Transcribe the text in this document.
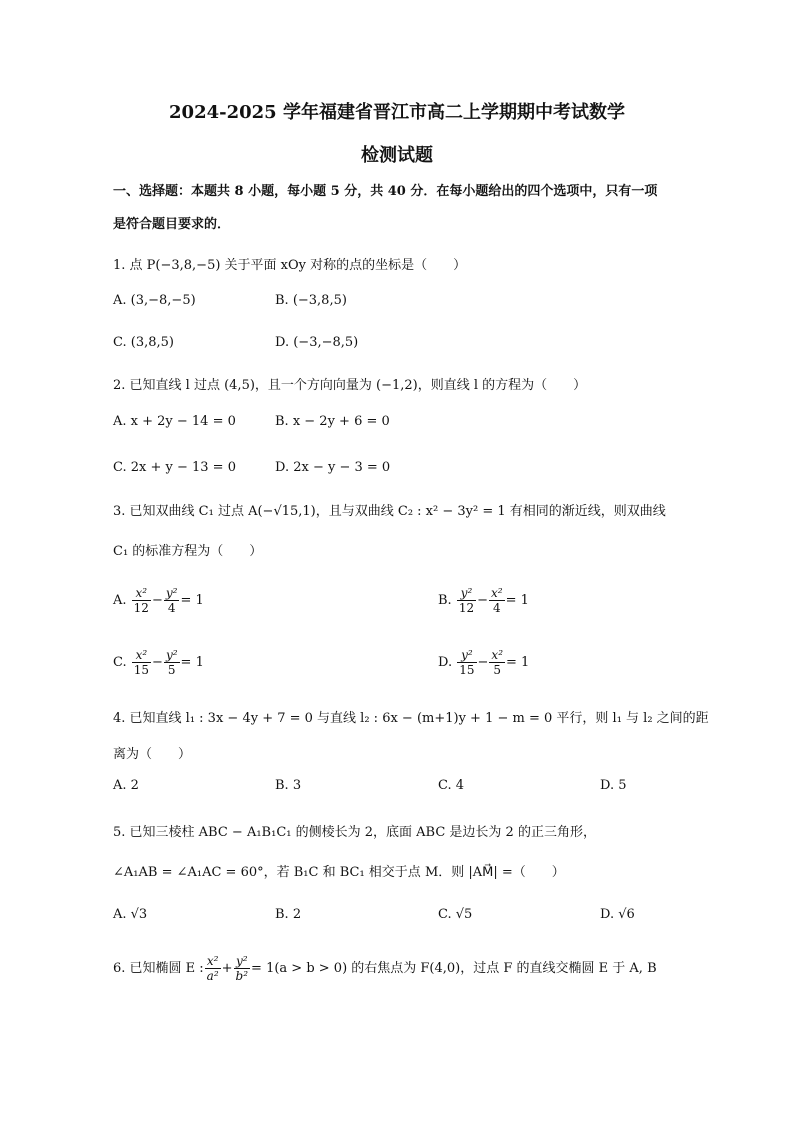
2024-2025 学年福建省晋江市高二上学期期中考试数学
检测试题
一、选择题：本题共 8 小题，每小题 5 分，共 40 分．在每小题给出的四个选项中，只有一项
是符合题目要求的．
1. 点 P(−3,8,−5) 关于平面 xOy 对称的点的坐标是（　　）
A. (3,−8,−5)	B. (−3,8,5)
C. (3,8,5)	D. (−3,−8,5)
2. 已知直线 l 过点 (4,5)，且一个方向向量为 (−1,2)，则直线 l 的方程为（　　）
A. x + 2y − 14 = 0	B. x − 2y + 6 = 0
C. 2x + y − 13 = 0	D. 2x − y − 3 = 0
3. 已知双曲线 C₁ 过点 A(−√15,1)，且与双曲线 C₂ : x² − 3y² = 1 有相同的渐近线，则双曲线
C₁ 的标准方程为（　　）
A. $\frac{\text{x²}}{12} - \frac{\text{y²}}{4} = 1$	B. $\frac{\text{y²}}{12} - \frac{\text{x²}}{4} = 1$
C. $\frac{\text{x²}}{15} - \frac{\text{y²}}{5} = 1$	D. $\frac{\text{y²}}{15} - \frac{\text{x²}}{5} = 1$
4. 已知直线 l₁ : 3x − 4y + 7 = 0 与直线 l₂ : 6x − (m+1)y + 1 − m = 0 平行，则 l₁ 与 l₂ 之间的距
离为（　　）
A. 2	B. 3	C. 4	D. 5
5. 已知三棱柱 ABC − A₁B₁C₁ 的侧棱长为 2，底面 ABC 是边长为 2 的正三角形，
∠A₁AB = ∠A₁AC = 60°，若 B₁C 和 BC₁ 相交于点 M．则 |AM⃗| =（　　）
A. √3	B. 2	C. √5	D. √6
6. 已知椭圆 E : $\frac{\text{x²}}{\text{a²}} + \frac{\text{y²}}{\text{b²}} = 1(a > b > 0)$ 的右焦点为 F(4,0)，过点 F 的直线交椭圆 E 于 A, B
